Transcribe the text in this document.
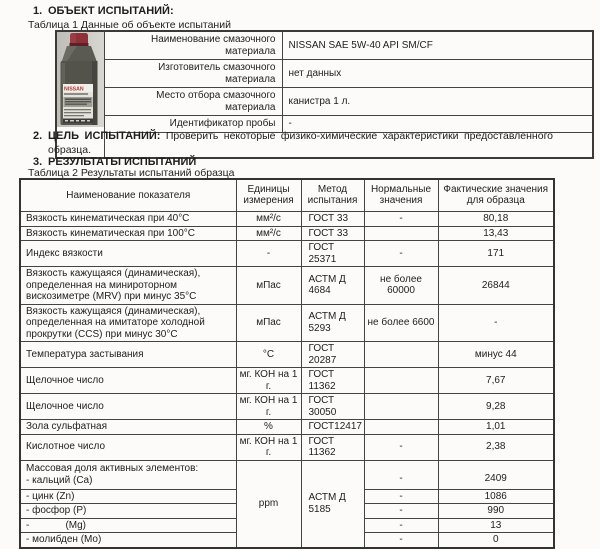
1. ОБЪЕКТ ИСПЫТАНИЙ:
Таблица 1 Данные об объекте испытаний
NISSAN	Наименование смазочного материала	NISSAN SAE 5W-40 API SM/CF
	Изготовитель смазочного материала	нет данных
	Место отбора смазочного материала	канистра 1 л.
	Идентификатор пробы	-

2. ЦЕЛЬ ИСПЫТАНИЙ: Проверить некоторые физико-химические характеристики предоставленного образца.
3. РЕЗУЛЬТАТЫ ИСПЫТАНИЙ
Таблица 2 Результаты испытаний образца
Наименование показателя	Единицы измерения	Метод испытания	Нормальные значения	Фактические значения для образца
Вязкость кинематическая при 40°С	мм²/с	ГОСТ 33	-	80,18
Вязкость кинематическая при 100°С	мм²/с	ГОСТ 33		13,43
Индекс вязкости	-	ГОСТ 25371	-	171
Вязкость кажущаяся (динамическая), определенная на минироторном вискозиметре (MRV) при минус 35°С	мПас	АСТМ Д 4684	не более 60000	26844
Вязкость кажущаяся (динамическая), определенная на имитаторе холодной прокрутки (CCS) при минус 30°С	мПас	АСТМ Д 5293	не более 6600	-
Температура застывания	°С	ГОСТ 20287		минус 44
Щелочное число	мг. КОН на 1 г.	ГОСТ 11362		7,67
Щелочное число	мг. КОН на 1 г.	ГОСТ 30050		9,28
Зола сульфатная	%	ГОСТ12417		1,01
Кислотное число	мг. КОН на 1 г.	ГОСТ 11362	-	2,38

Массовая доля активных элементов:
- кальций (Ca)	ppm	АСТМ Д 5185	-	2409
- цинк (Zn)			-	1086
- фосфор (P)			-	990
-             (Mg)			-	13
- молибден (Mo)			-	0
